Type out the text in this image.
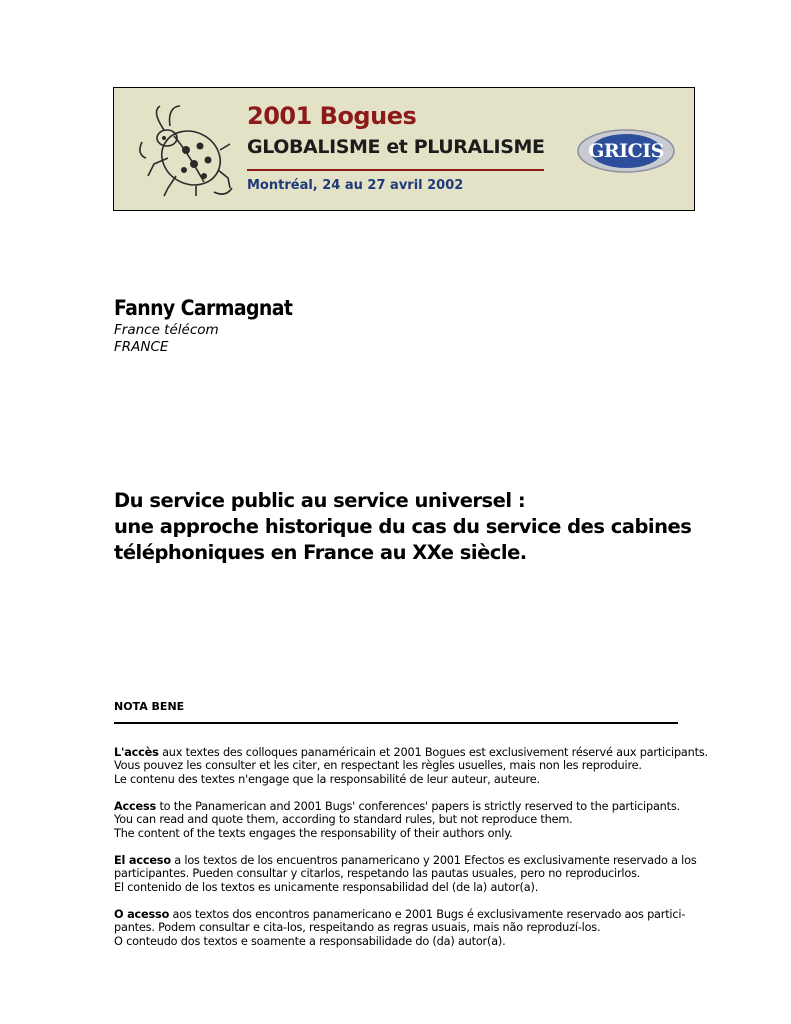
2001 Bogues
GLOBALISME et PLURALISME
Montréal, 24 au 27 avril 2002
GRICIS
Fanny Carmagnat
France télécom
FRANCE
Du service public au service universel :
une approche historique du cas du service des cabines
téléphoniques en France au XXe siècle.
NOTA BENE
L'accès aux textes des colloques panaméricain et 2001 Bogues est exclusivement réservé aux participants.
Vous pouvez les consulter et les citer, en respectant les règles usuelles, mais non les reproduire.
Le contenu des textes n'engage que la responsabilité de leur auteur, auteure.
Access to the Panamerican and 2001 Bugs' conferences' papers is strictly reserved to the participants.
You can read and quote them, according to standard rules, but not reproduce them.
The content of the texts engages the responsability of their authors only.
El acceso a los textos de los encuentros panamericano y 2001 Efectos es exclusivamente reservado a los
participantes. Pueden consultar y citarlos, respetando las pautas usuales, pero no reproducirlos.
El contenido de los textos es unicamente responsabilidad del (de la) autor(a).
O acesso aos textos dos encontros panamericano e 2001 Bugs é exclusivamente reservado aos partici-
pantes. Podem consultar e cita-los, respeitando as regras usuais, mais não reproduzí-los.
O conteudo dos textos e soamente a responsabilidade do (da) autor(a).
